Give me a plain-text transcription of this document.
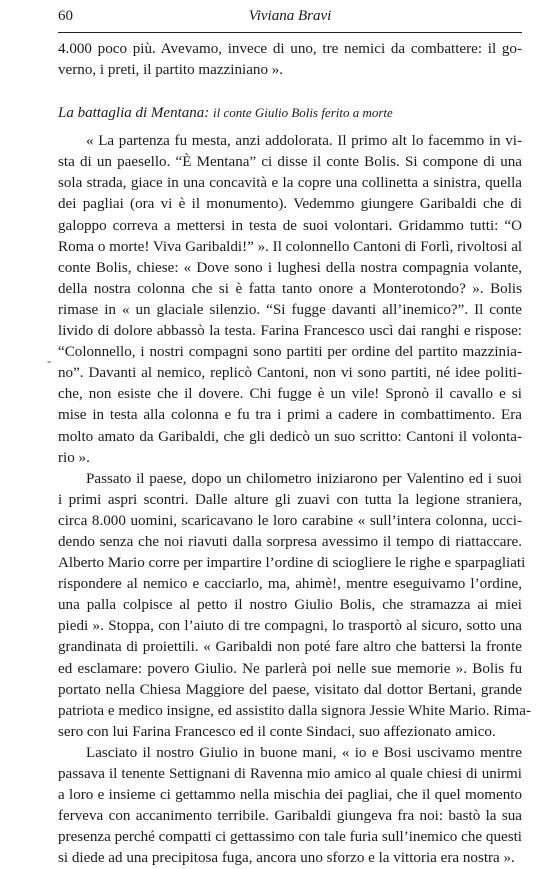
60	Viviana Bravi
4.000 poco più. Avevamo, invece di uno, tre nemici da combattere: il go-
verno, i preti, il partito mazziniano ».
La battaglia di Mentana: il conte Giulio Bolis ferito a morte
« La partenza fu mesta, anzi addolorata. Il primo alt lo facemmo in vi-
sta di un paesello. “È Mentana” ci disse il conte Bolis. Si compone di una
sola strada, giace in una concavità e la copre una collinetta a sinistra, quella
dei pagliai (ora vi è il monumento). Vedemmo giungere Garibaldi che di
galoppo correva a mettersi in testa de suoi volontari. Gridammo tutti: “O
Roma o morte! Viva Garibaldi!” ». Il colonnello Cantoni di Forlì, rivoltosi al
conte Bolis, chiese: « Dove sono i lughesi della nostra compagnia volante,
della nostra colonna che si è fatta tanto onore a Monterotondo? ». Bolis
rimase in « un glaciale silenzio. “Si fugge davanti all’inemico?”. Il conte
livido di dolore abbassò la testa. Farina Francesco uscì dai ranghi e rispose:
“Colonnello, i nostri compagni sono partiti per ordine del partito mazzinia-
no”. Davanti al nemico, replicò Cantoni, non vi sono partiti, né idee politi-
che, non esiste che il dovere. Chi fugge è un vile! Spronò il cavallo e si
mise in testa alla colonna e fu tra i primi a cadere in combattimento. Era
molto amato da Garibaldi, che gli dedicò un suo scritto: Cantoni il volonta-
rio ».
Passato il paese, dopo un chilometro iniziarono per Valentino ed i suoi
i primi aspri scontri. Dalle alture gli zuavi con tutta la legione straniera,
circa 8.000 uomini, scaricavano le loro carabine « sull’intera colonna, ucci-
dendo senza che noi riavuti dalla sorpresa avessimo il tempo di riattaccare.
Alberto Mario corre per impartire l’ordine di sciogliere le righe e sparpagliati
rispondere al nemico e cacciarlo, ma, ahimè!, mentre eseguivamo l’ordine,
una palla colpisce al petto il nostro Giulio Bolis, che stramazza ai miei
piedi ». Stoppa, con l’aiuto di tre compagni, lo trasportò al sicuro, sotto una
grandinata di proiettili. « Garibaldi non poté fare altro che battersi la fronte
ed esclamare: povero Giulio. Ne parlerà poi nelle sue memorie ». Bolis fu
portato nella Chiesa Maggiore del paese, visitato dal dottor Bertani, grande
patriota e medico insigne, ed assistito dalla signora Jessie White Mario. Rima-
sero con lui Farina Francesco ed il conte Sindaci, suo affezionato amico.
Lasciato il nostro Giulio in buone mani, « io e Bosi uscivamo mentre
passava il tenente Settignani di Ravenna mio amico al quale chiesi di unirmi
a loro e insieme ci gettammo nella mischia dei pagliai, che il quel momento
ferveva con accanimento terribile. Garibaldi giungeva fra noi: bastò la sua
presenza perché compatti ci gettassimo con tale furia sull’inemico che questi
si diede ad una precipitosa fuga, ancora uno sforzo e la vittoria era nostra ».
-
